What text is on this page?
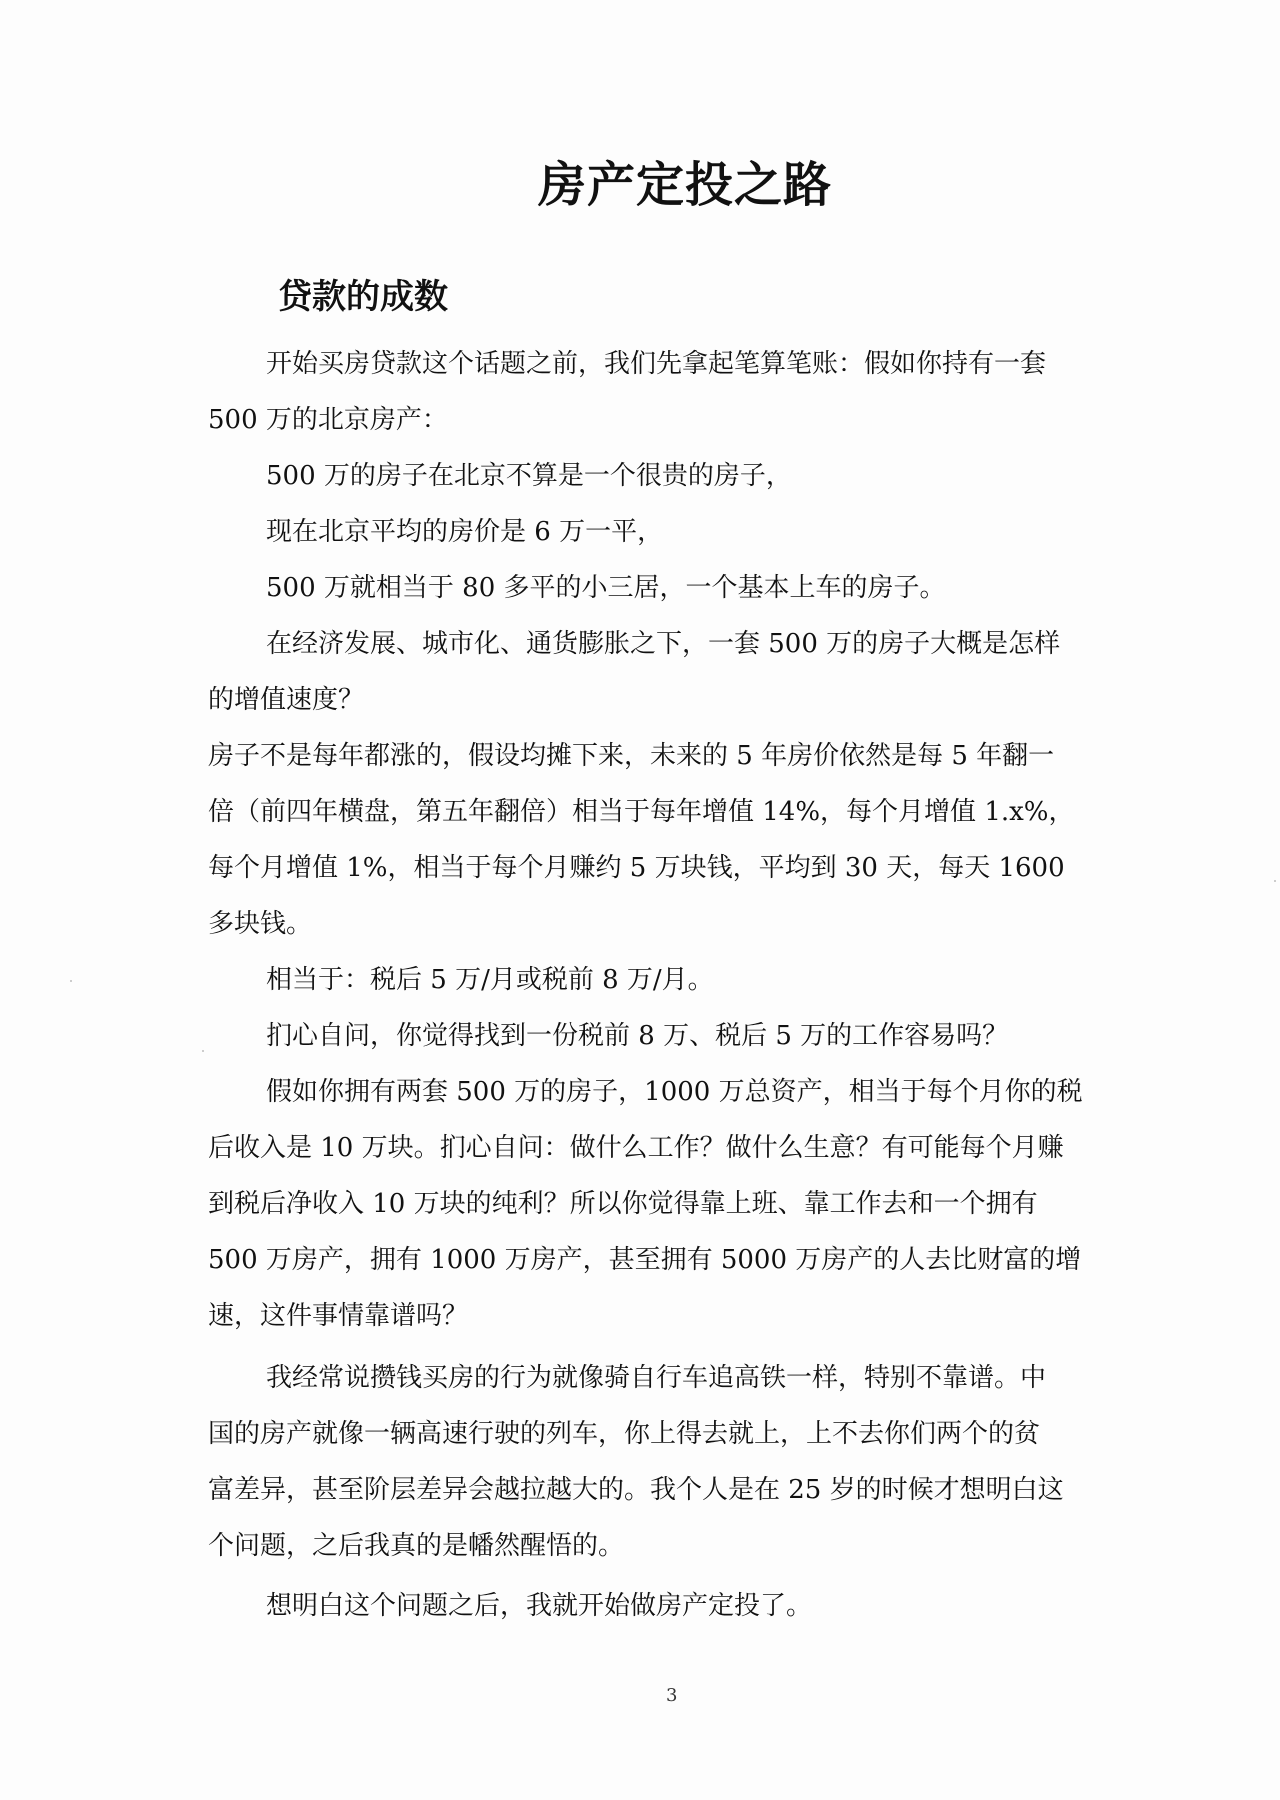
房产定投之路
贷款的成数
开始买房贷款这个话题之前，我们先拿起笔算笔账：假如你持有一套
500 万的北京房产：
500 万的房子在北京不算是一个很贵的房子，
现在北京平均的房价是 6 万一平，
500 万就相当于 80 多平的小三居，一个基本上车的房子。
在经济发展、城市化、通货膨胀之下，一套 500 万的房子大概是怎样
的增值速度？
房子不是每年都涨的，假设均摊下来，未来的 5 年房价依然是每 5 年翻一
倍（前四年横盘，第五年翻倍）相当于每年增值 14%，每个月增值 1.x%，
每个月增值 1%，相当于每个月赚约 5 万块钱，平均到 30 天，每天 1600
多块钱。
相当于：税后 5 万/月或税前 8 万/月。
扪心自问，你觉得找到一份税前 8 万、税后 5 万的工作容易吗？
假如你拥有两套 500 万的房子，1000 万总资产，相当于每个月你的税
后收入是 10 万块。扪心自问：做什么工作？做什么生意？有可能每个月赚
到税后净收入 10 万块的纯利？所以你觉得靠上班、靠工作去和一个拥有
500 万房产，拥有 1000 万房产，甚至拥有 5000 万房产的人去比财富的增
速，这件事情靠谱吗？
我经常说攒钱买房的行为就像骑自行车追高铁一样，特别不靠谱。中
国的房产就像一辆高速行驶的列车，你上得去就上，上不去你们两个的贫
富差异，甚至阶层差异会越拉越大的。我个人是在 25 岁的时候才想明白这
个问题，之后我真的是幡然醒悟的。
想明白这个问题之后，我就开始做房产定投了。
3
